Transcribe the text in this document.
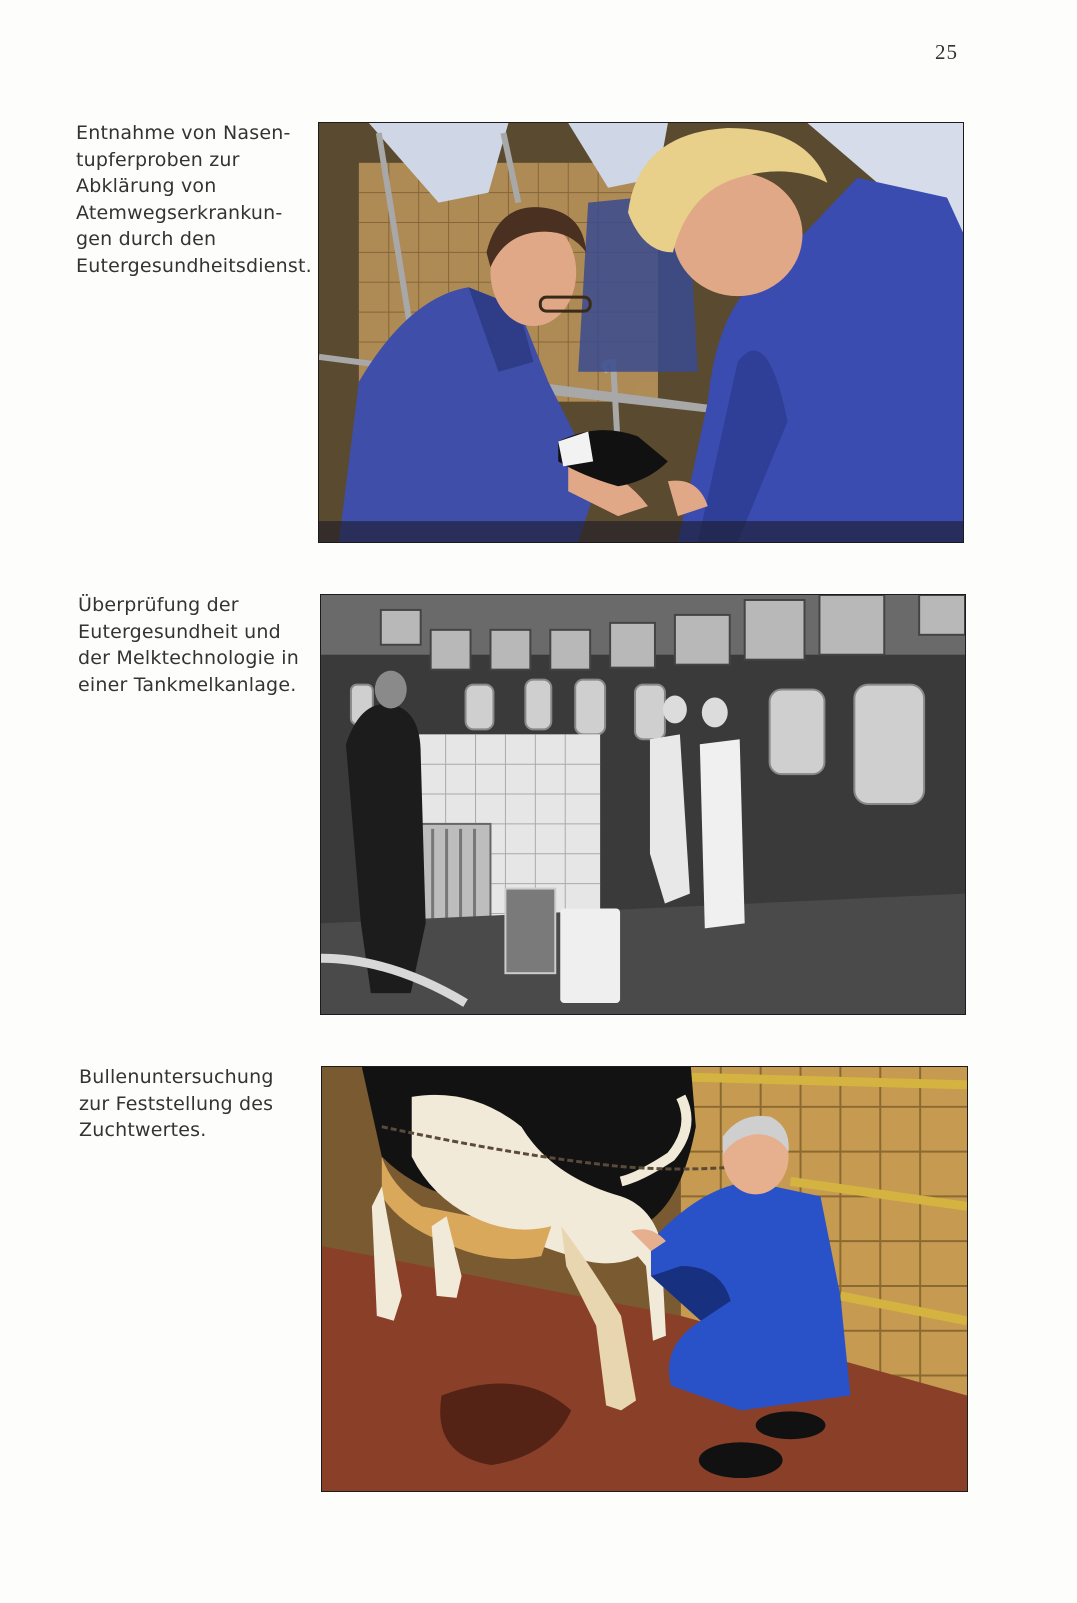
25
Entnahme von Nasen-
tupferproben zur
Abklärung von
Atemwegserkrankun-
gen durch den
Eutergesundheitsdienst.
Überprüfung der
Eutergesundheit und
der Melktechnologie in
einer Tankmelkanlage.
Bullenuntersuchung
zur Feststellung des
Zuchtwertes.
